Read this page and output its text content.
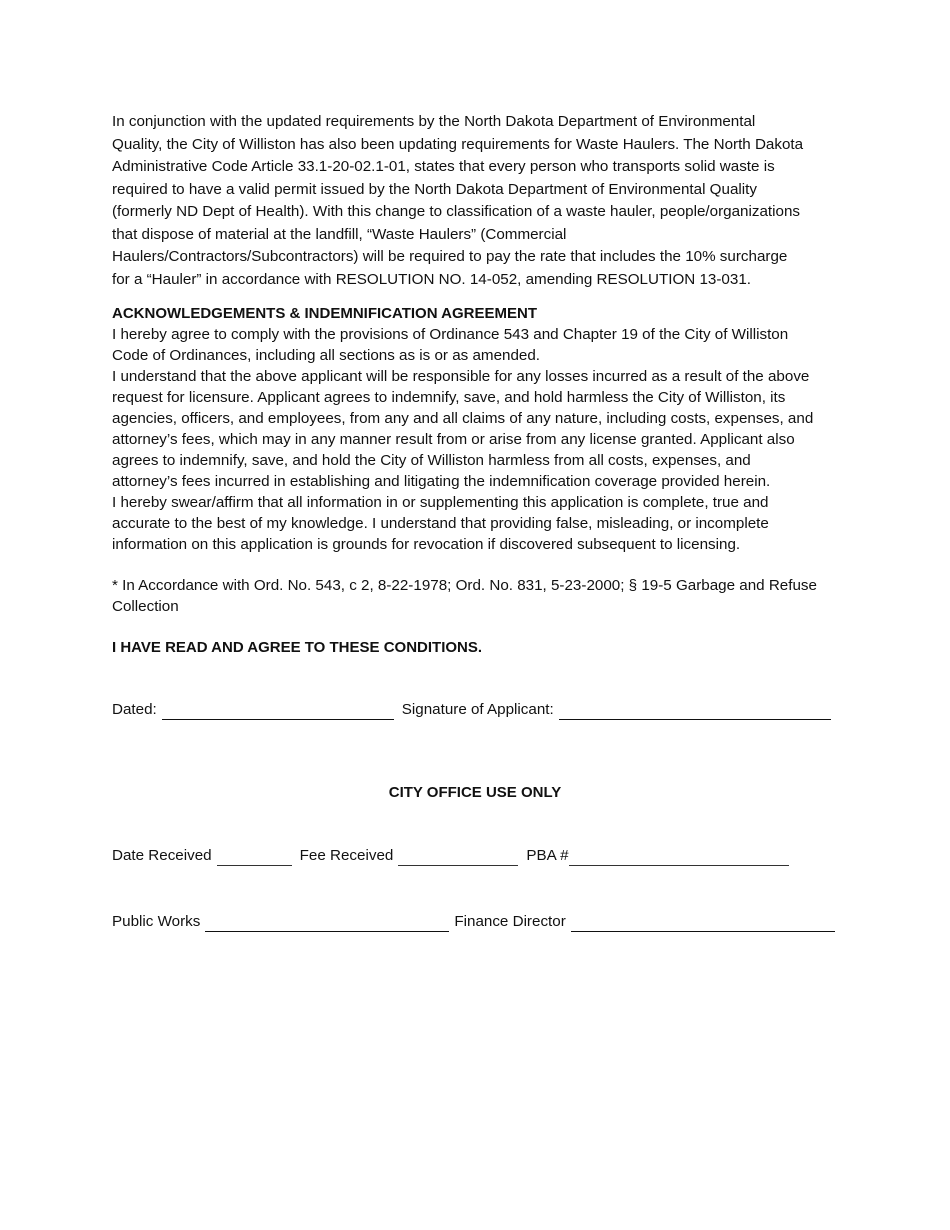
In conjunction with the updated requirements by the North Dakota Department of Environmental
Quality, the City of Williston has also been updating requirements for Waste Haulers. The North Dakota
Administrative Code Article 33.1-20-02.1-01, states that every person who transports solid waste is
required to have a valid permit issued by the North Dakota Department of Environmental Quality
(formerly ND Dept of Health). With this change to classification of a waste hauler, people/organizations
that dispose of material at the landfill, “Waste Haulers” (Commercial
Haulers/Contractors/Subcontractors) will be required to pay the rate that includes the 10% surcharge
for a “Hauler” in accordance with RESOLUTION NO. 14-052, amending RESOLUTION 13-031.
ACKNOWLEDGEMENTS & INDEMNIFICATION AGREEMENT
I hereby agree to comply with the provisions of Ordinance 543 and Chapter 19 of the City of Williston
Code of Ordinances, including all sections as is or as amended.
I understand that the above applicant will be responsible for any losses incurred as a result of the above
request for licensure. Applicant agrees to indemnify, save, and hold harmless the City of Williston, its
agencies, officers, and employees, from any and all claims of any nature, including costs, expenses, and
attorney’s fees, which may in any manner result from or arise from any license granted. Applicant also
agrees to indemnify, save, and hold the City of Williston harmless from all costs, expenses, and
attorney’s fees incurred in establishing and litigating the indemnification coverage provided herein.
I hereby swear/affirm that all information in or supplementing this application is complete, true and
accurate to the best of my knowledge. I understand that providing false, misleading, or incomplete
information on this application is grounds for revocation if discovered subsequent to licensing.
* In Accordance with Ord. No. 543, c 2, 8-22-1978; Ord. No. 831, 5-23-2000; § 19-5 Garbage and Refuse
Collection
I HAVE READ AND AGREE TO THESE CONDITIONS.
Dated:	Signature of Applicant:
CITY OFFICE USE ONLY
Date Received	Fee Received	PBA #
Public Works	Finance Director
